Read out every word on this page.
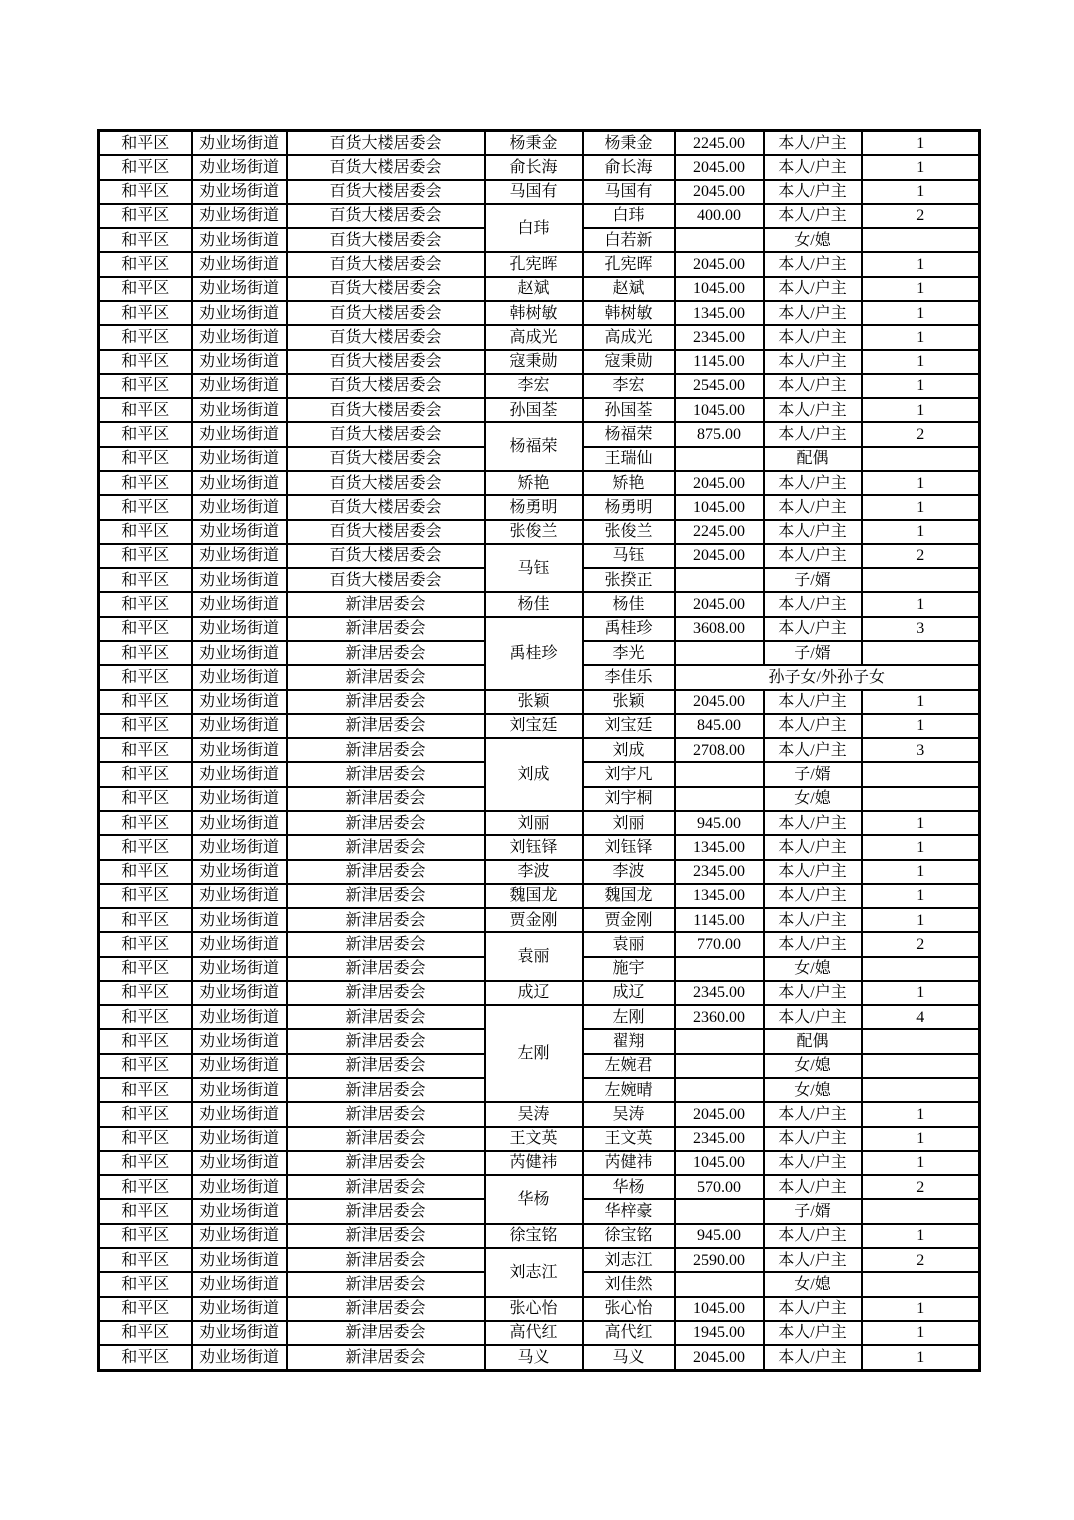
和平区	劝业场街道	百货大楼居委会	杨秉金	杨秉金	2245.00	本人/户主	1
和平区	劝业场街道	百货大楼居委会	俞长海	俞长海	2045.00	本人/户主	1
和平区	劝业场街道	百货大楼居委会	马国有	马国有	2045.00	本人/户主	1
和平区	劝业场街道	百货大楼居委会	白玮	白玮	400.00	本人/户主	2
和平区	劝业场街道	百货大楼居委会		白若新		女/媳	
和平区	劝业场街道	百货大楼居委会	孔宪晖	孔宪晖	2045.00	本人/户主	1
和平区	劝业场街道	百货大楼居委会	赵斌	赵斌	1045.00	本人/户主	1
和平区	劝业场街道	百货大楼居委会	韩树敏	韩树敏	1345.00	本人/户主	1
和平区	劝业场街道	百货大楼居委会	高成光	高成光	2345.00	本人/户主	1
和平区	劝业场街道	百货大楼居委会	寇秉勋	寇秉勋	1145.00	本人/户主	1
和平区	劝业场街道	百货大楼居委会	李宏	李宏	2545.00	本人/户主	1
和平区	劝业场街道	百货大楼居委会	孙国荃	孙国荃	1045.00	本人/户主	1
和平区	劝业场街道	百货大楼居委会	杨福荣	杨福荣	875.00	本人/户主	2
和平区	劝业场街道	百货大楼居委会		王瑞仙		配偶	
和平区	劝业场街道	百货大楼居委会	矫艳	矫艳	2045.00	本人/户主	1
和平区	劝业场街道	百货大楼居委会	杨勇明	杨勇明	1045.00	本人/户主	1
和平区	劝业场街道	百货大楼居委会	张俊兰	张俊兰	2245.00	本人/户主	1
和平区	劝业场街道	百货大楼居委会	马钰	马钰	2045.00	本人/户主	2
和平区	劝业场街道	百货大楼居委会		张揆正		子/婿	
和平区	劝业场街道	新津居委会	杨佳	杨佳	2045.00	本人/户主	1
和平区	劝业场街道	新津居委会	禹桂珍	禹桂珍	3608.00	本人/户主	3
和平区	劝业场街道	新津居委会		李光		子/婿	
和平区	劝业场街道	新津居委会		李佳乐	孙子女/外孙子女		
和平区	劝业场街道	新津居委会	张颖	张颖	2045.00	本人/户主	1
和平区	劝业场街道	新津居委会	刘宝廷	刘宝廷	845.00	本人/户主	1
和平区	劝业场街道	新津居委会	刘成	刘成	2708.00	本人/户主	3
和平区	劝业场街道	新津居委会		刘宇凡		子/婿	
和平区	劝业场街道	新津居委会		刘宇桐		女/媳	
和平区	劝业场街道	新津居委会	刘丽	刘丽	945.00	本人/户主	1
和平区	劝业场街道	新津居委会	刘钰铎	刘钰铎	1345.00	本人/户主	1
和平区	劝业场街道	新津居委会	李波	李波	2345.00	本人/户主	1
和平区	劝业场街道	新津居委会	魏国龙	魏国龙	1345.00	本人/户主	1
和平区	劝业场街道	新津居委会	贾金刚	贾金刚	1145.00	本人/户主	1
和平区	劝业场街道	新津居委会	袁丽	袁丽	770.00	本人/户主	2
和平区	劝业场街道	新津居委会		施宇		女/媳	
和平区	劝业场街道	新津居委会	成辽	成辽	2345.00	本人/户主	1
和平区	劝业场街道	新津居委会	左刚	左刚	2360.00	本人/户主	4
和平区	劝业场街道	新津居委会		翟翔		配偶	
和平区	劝业场街道	新津居委会		左婉君		女/媳	
和平区	劝业场街道	新津居委会		左婉晴		女/媳	
和平区	劝业场街道	新津居委会	吴涛	吴涛	2045.00	本人/户主	1
和平区	劝业场街道	新津居委会	王文英	王文英	2345.00	本人/户主	1
和平区	劝业场街道	新津居委会	芮健祎	芮健祎	1045.00	本人/户主	1
和平区	劝业场街道	新津居委会	华杨	华杨	570.00	本人/户主	2
和平区	劝业场街道	新津居委会		华梓豪		子/婿	
和平区	劝业场街道	新津居委会	徐宝铭	徐宝铭	945.00	本人/户主	1
和平区	劝业场街道	新津居委会	刘志江	刘志江	2590.00	本人/户主	2
和平区	劝业场街道	新津居委会		刘佳然		女/媳	
和平区	劝业场街道	新津居委会	张心怡	张心怡	1045.00	本人/户主	1
和平区	劝业场街道	新津居委会	高代红	高代红	1945.00	本人/户主	1
和平区	劝业场街道	新津居委会	马义	马义	2045.00	本人/户主	1
